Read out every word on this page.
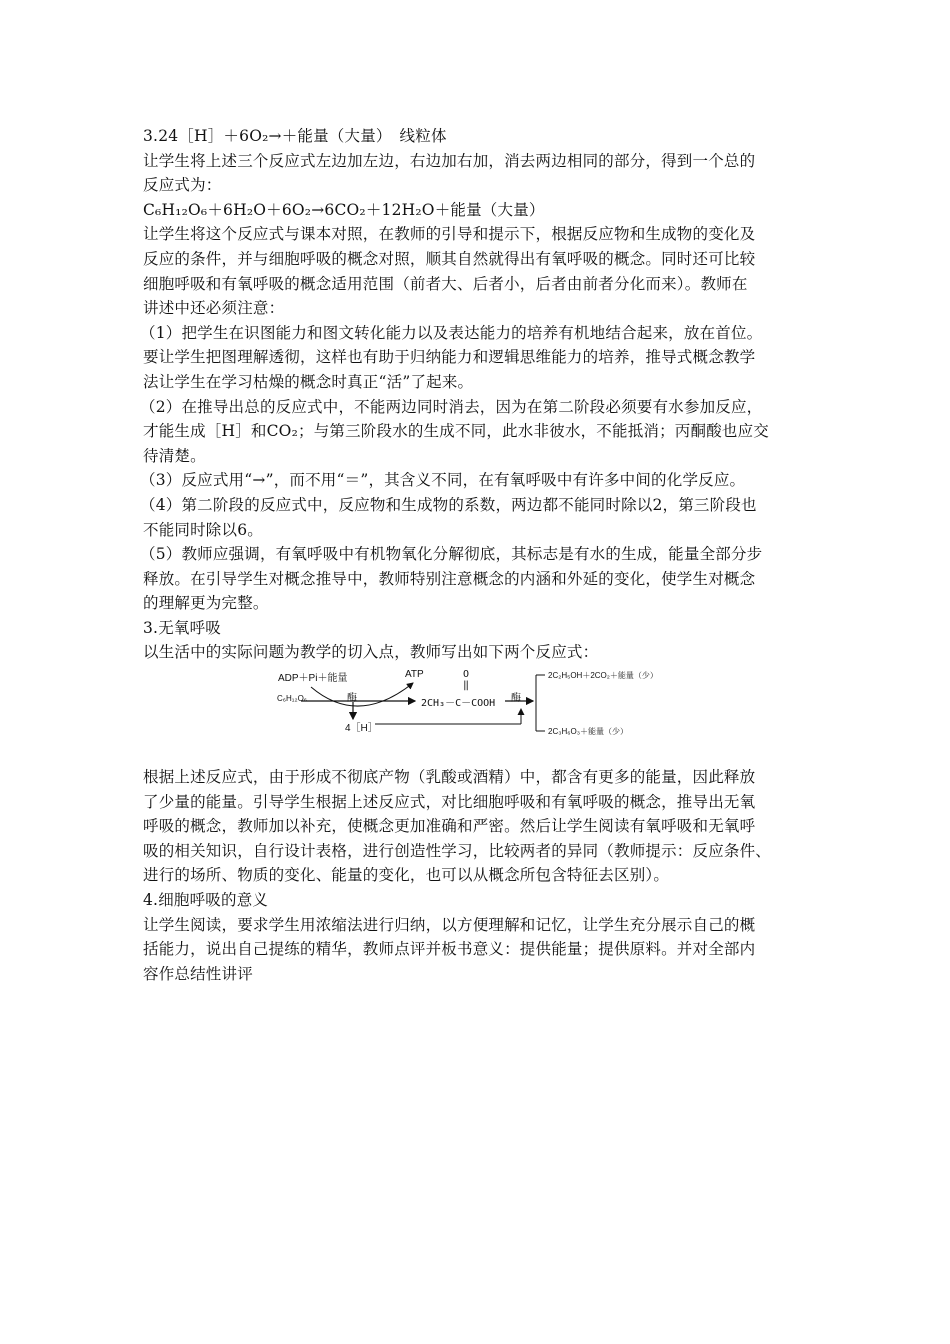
3.24［H］＋6O₂→＋能量（大量）　线粒体
让学生将上述三个反应式左边加左边，右边加右加，消去两边相同的部分，得到一个总的
反应式为：
C₆H₁₂O₆＋6H₂O＋6O₂→6CO₂＋12H₂O＋能量（大量）
让学生将这个反应式与课本对照，在教师的引导和提示下，根据反应物和生成物的变化及
反应的条件，并与细胞呼吸的概念对照，顺其自然就得出有氧呼吸的概念。同时还可比较
细胞呼吸和有氧呼吸的概念适用范围（前者大、后者小，后者由前者分化而来）。教师在
讲述中还必须注意：
（1）把学生在识图能力和图文转化能力以及表达能力的培养有机地结合起来，放在首位。
要让学生把图理解透彻，这样也有助于归纳能力和逻辑思维能力的培养，推导式概念教学
法让学生在学习枯燥的概念时真正“活”了起来。
（2）在推导出总的反应式中，不能两边同时消去，因为在第二阶段必须要有水参加反应，
才能生成［H］和CO₂；与第三阶段水的生成不同，此水非彼水，不能抵消；丙酮酸也应交
待清楚。
（3）反应式用“→”，而不用“＝”，其含义不同，在有氧呼吸中有许多中间的化学反应。
（4）第二阶段的反应式中，反应物和生成物的系数，两边都不能同时除以2，第三阶段也
不能同时除以6。
（5）教师应强调，有氧呼吸中有机物氧化分解彻底，其标志是有水的生成，能量全部分步
释放。在引导学生对概念推导中，教师特别注意概念的内涵和外延的变化，使学生对概念
的理解更为完整。
3.无氧呼吸
以生活中的实际问题为教学的切入点，教师写出如下两个反应式：
ADP＋Pi＋能量	ATP
C₆H₁₂O₆	酶
4［H］
O
‖
2CH₃－C－COOH 酶
2C₂H₅OH＋2CO₂＋能量（少）
2C₃H₆O₃＋能量（少）
根据上述反应式，由于形成不彻底产物（乳酸或酒精）中，都含有更多的能量，因此释放
了少量的能量。引导学生根据上述反应式，对比细胞呼吸和有氧呼吸的概念，推导出无氧
呼吸的概念，教师加以补充，使概念更加准确和严密。然后让学生阅读有氧呼吸和无氧呼
吸的相关知识，自行设计表格，进行创造性学习，比较两者的异同（教师提示：反应条件、
进行的场所、物质的变化、能量的变化，也可以从概念所包含特征去区别）。
4.细胞呼吸的意义
让学生阅读，要求学生用浓缩法进行归纳，以方便理解和记忆，让学生充分展示自己的概
括能力，说出自己提练的精华，教师点评并板书意义：提供能量；提供原料。并对全部内
容作总结性讲评
